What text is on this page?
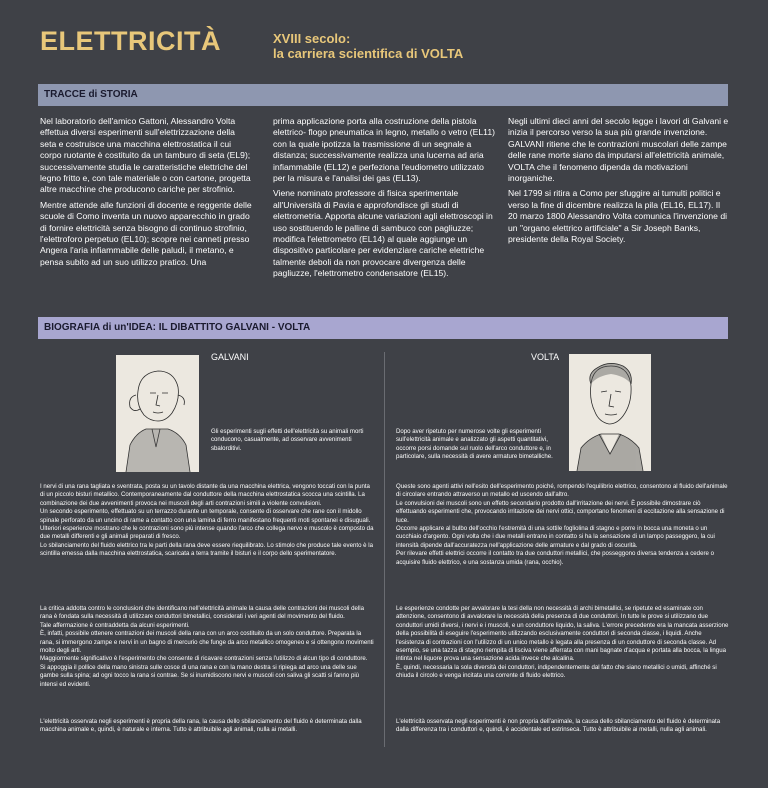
ELETTRICITÀ	XVIII secolo:
la carriera scientifica di VOLTA
TRACCE di STORIA

Nel laboratorio dell'amico Gattoni, Alessandro Volta effettua diversi esperimenti sull'elettrizzazione della seta e costruisce una macchina elettrostatica il cui corpo ruotante è costituito da un tamburo di seta (EL9); successivamente studia le caratteristiche elettriche del legno fritto e, con tale materiale o con cartone, progetta altre macchine che producono cariche per strofinio.

Mentre attende alle funzioni di docente e reggente delle scuole di Como inventa un nuovo apparecchio in grado di fornire elettricità senza bisogno di continuo strofinio, l'elettroforo perpetuo (EL10); scopre nei canneti presso Angera l'aria infiammabile delle paludi, il metano, e pensa subito ad un suo utilizzo pratico. Una

prima applicazione porta alla costruzione della pistola elettrico- flogo pneumatica in legno, metallo o vetro (EL11) con la quale ipotizza la trasmissione di un segnale a distanza; successivamente realizza una lucerna ad aria infiammabile (EL12) e perfeziona l'eudiometro utilizzato per la misura e l'analisi dei gas (EL13).

Viene nominato professore di fisica sperimentale all'Università di Pavia e approfondisce gli studi di elettrometria. Apporta alcune variazioni agli elettroscopi in uso sostituendo le palline di sambuco con pagliuzze; modifica l'elettrometro (EL14) al quale aggiunge un dispositivo particolare per evidenziare cariche elettriche talmente deboli da non provocare divergenza delle pagliuzze, l'elettrometro condensatore (EL15).

Negli ultimi dieci anni del secolo legge i lavori di Galvani e inizia il percorso verso la sua più grande invenzione. GALVANI ritiene che le contrazioni muscolari delle zampe delle rane morte siano da imputarsi all'elettricità animale, VOLTA che il fenomeno dipenda da motivazioni inorganiche.

Nel 1799 si ritira a Como per sfuggire ai tumulti politici e verso la fine di dicembre realizza la pila (EL16, EL17). Il 20 marzo 1800 Alessandro Volta comunica l'invenzione di un "organo elettrico artificiale" a Sir Joseph Banks, presidente della Royal Society.

BIOGRAFIA di un'IDEA: IL DIBATTITO GALVANI - VOLTA
GALVANI

Gli esperimenti sugli effetti dell'elettricità su animali morti conducono, casualmente, ad osservare avvenimenti sbalorditivi.

VOLTA

Dopo aver ripetuto per numerose volte gli esperimenti sull'elettricità animale e analizzato gli aspetti quantitativi, occorre porsi domande sul ruolo dell'arco conduttore e, in particolare, sulla necessità di avere armature bimetalliche.

I nervi di una rana tagliata e sventrata, posta su un tavolo distante da una macchina elettrica, vengono toccati con la punta di un piccolo bisturi metallico. Contemporaneamente dal conduttore della macchina elettrostatica scocca una scintilla. La combinazione dei due avvenimenti provoca nei muscoli degli arti contrazioni simili a violente convulsioni.

Un secondo esperimento, effettuato su un terrazzo durante un temporale, consente di osservare che rane con il midollo spinale perforato da un uncino di rame a contatto con una lamina di ferro manifestano frequenti moti spontanei e disuguali.

Ulteriori esperienze mostrano che le contrazioni sono più intense quando l'arco che collega nervo e muscolo è composto da due metalli differenti e gli animali preparati di fresco.

Lo sbilanciamento del fluido elettrico tra le parti della rana deve essere riequilibrato. Lo stimolo che produce tale evento è la scintilla emessa dalla macchina elettrostatica, scaricata a terra tramite il bisturi e il corpo dello sperimentatore.

La critica addotta contro le conclusioni che identificano nell'elettricità animale la causa delle contrazioni dei muscoli della rana è fondata sulla necessità di utilizzare conduttori bimetallici, considerati i veri agenti del movimento del fluido.

Tale affermazione è contraddetta da alcuni esperimenti.

È, infatti, possibile ottenere contrazioni dei muscoli della rana con un arco costituito da un solo conduttore. Preparata la rana, si immergono zampe e nervi in un bagno di mercurio che funge da arco metallico omogeneo e si ottengono movimenti molto degli arti.

Maggiormente significativo è l'esperimento che consente di ricavare contrazioni senza l'utilizzo di alcun tipo di conduttore. Si appoggia il pollice della mano sinistra sulle cosce di una rana e con la mano destra si ripiega ad arco una delle sue gambe sulla spina; ad ogni tocco la rana si contrae. Se si inumidiscono nervi e muscoli con saliva gli scatti si fanno più intensi ed evidenti.

L'elettricità osservata negli esperimenti è propria della rana, la causa dello sbilanciamento del fluido è determinata dalla macchina animale e, quindi, è naturale e interna. Tutto è attribuibile agli animali, nulla ai metalli.

Queste sono agenti attivi nell'esito dell'esperimento poiché, rompendo l'equilibrio elettrico, consentono al fluido dell'animale di circolare entrando attraverso un metallo ed uscendo dall'altro.

Le convulsioni dei muscoli sono un effetto secondario prodotto dall'irritazione dei nervi. È possibile dimostrare ciò effettuando esperimenti che, provocando irritazione dei nervi ottici, comportano fenomeni di eccitazione alla sensazione di luce.

Occorre applicare al bulbo dell'occhio l'estremità di una sottile fogliolina di stagno e porre in bocca una moneta o un cucchiaio d'argento. Ogni volta che i due metalli entrano in contatto si ha la sensazione di un lampo passeggero, la cui intensità dipende dall'accuratezza nell'applicazione delle armature e dal grado di oscurità.

Per rilevare effetti elettrici occorre il contatto tra due conduttori metallici, che posseggono diversa tendenza a cedere o acquisire fluido elettrico, e una sostanza umida (rana, occhio).

Le esperienze condotte per avvalorare la tesi della non necessità di archi bimetallici, se ripetute ed esaminate con attenzione, consentono di avvalorare la necessità della presenza di due conduttori. In tutte le prove si utilizzano due conduttori umidi diversi, i nervi e i muscoli, e un conduttore liquido, la saliva. L'errore precedente era la mancata asserzione della possibilità di eseguire l'esperimento utilizzando esclusivamente conduttori di seconda classe, i liquidi. Anche l'esistenza di contrazioni con l'utilizzo di un unico metallo è legata alla presenza di un conduttore di seconda classe. Ad esempio, se una tazza di stagno riempita di lisciva viene afferrata con mani bagnate d'acqua e portata alla bocca, la lingua intinta nel liquore prova una sensazione acida invece che alcalina.

È, quindi, necessaria la sola diversità dei conduttori, indipendentemente dal fatto che siano metallici o umidi, affinché si chiuda il circolo e venga incitata una corrente di fluido elettrico.

L'elettricità osservata negli esperimenti è non propria dell'animale, la causa dello sbilanciamento del fluido è determinata dalla differenza tra i conduttori e, quindi, è accidentale ed estrinseca. Tutto è attribuibile ai metalli, nulla agli animali.
